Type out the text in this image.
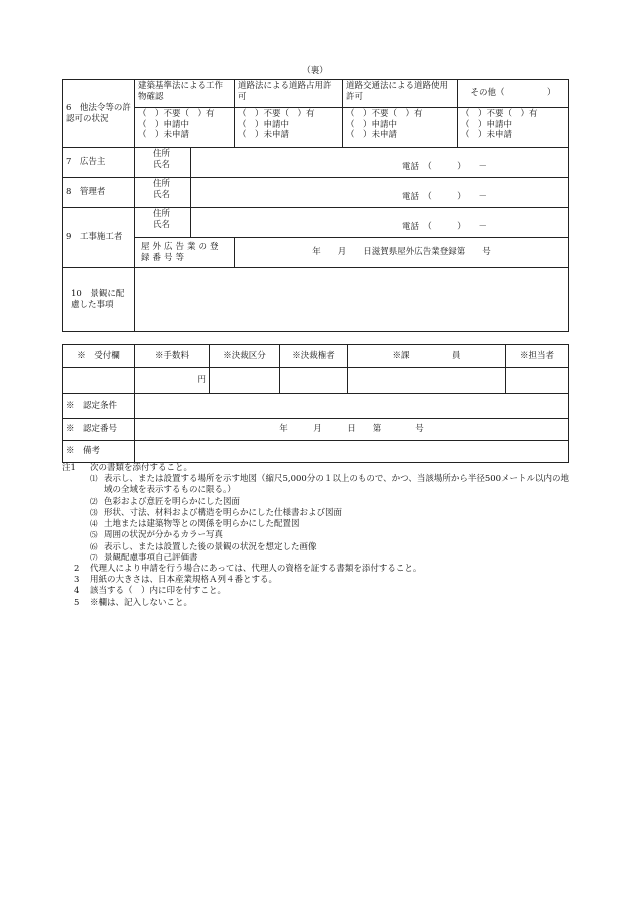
（裏）
6　他法令等の許認可の状況	建築基準法による工作物確認	道路法による道路占用許可	道路交通法による道路使用許可	その他（　　　　　）

	（　）不要（　）有
（　）申請中
（　）未申請	（　）不要（　）有
（　）申請中
（　）未申請	（　）不要（　）有
（　）申請中
（　）未申請	（　）不要（　）有
（　）申請中
（　）未申請

7　広告主	住所
氏名 電話　（　　　）　　－			

8　管理者	住所
氏名 電話　（　　　）　　－			

9　工事施工者	住所
氏名 電話　（　　　）　　－			

	屋外広告業の登録番号等	年　　月　　日滋賀県屋外広告業登録第　　号		
10　景観に配慮した事項				
※　受付欄	※手数料	※決裁区分	※決裁権者	※課　　　　　員	※担当者
	円				
※　認定条件					
※　認定番号	年　　　月　　　日　　第　　　　号				
※　備考					
注1	次の書類を添付すること。
⑴ 表示し、または設置する場所を示す地図（縮尺5,000分の１以上のもので、かつ、当該場所から半径500メートル以内の地域の全域を表示するものに限る。）
⑵ 色彩および意匠を明らかにした図面
⑶ 形状、寸法、材料および構造を明らかにした仕様書および図面
⑷ 土地または建築物等との関係を明らかにした配置図
⑸ 周囲の状況が分かるカラー写真
⑹ 表示し、または設置した後の景観の状況を想定した画像
⑺ 景観配慮事項自己評価書
2	代理人により申請を行う場合にあっては、代理人の資格を証する書類を添付すること。
3	用紙の大きさは、日本産業規格Ａ列４番とする。
4	該当する（　）内に印を付すこと。
5	※欄は、記入しないこと。
